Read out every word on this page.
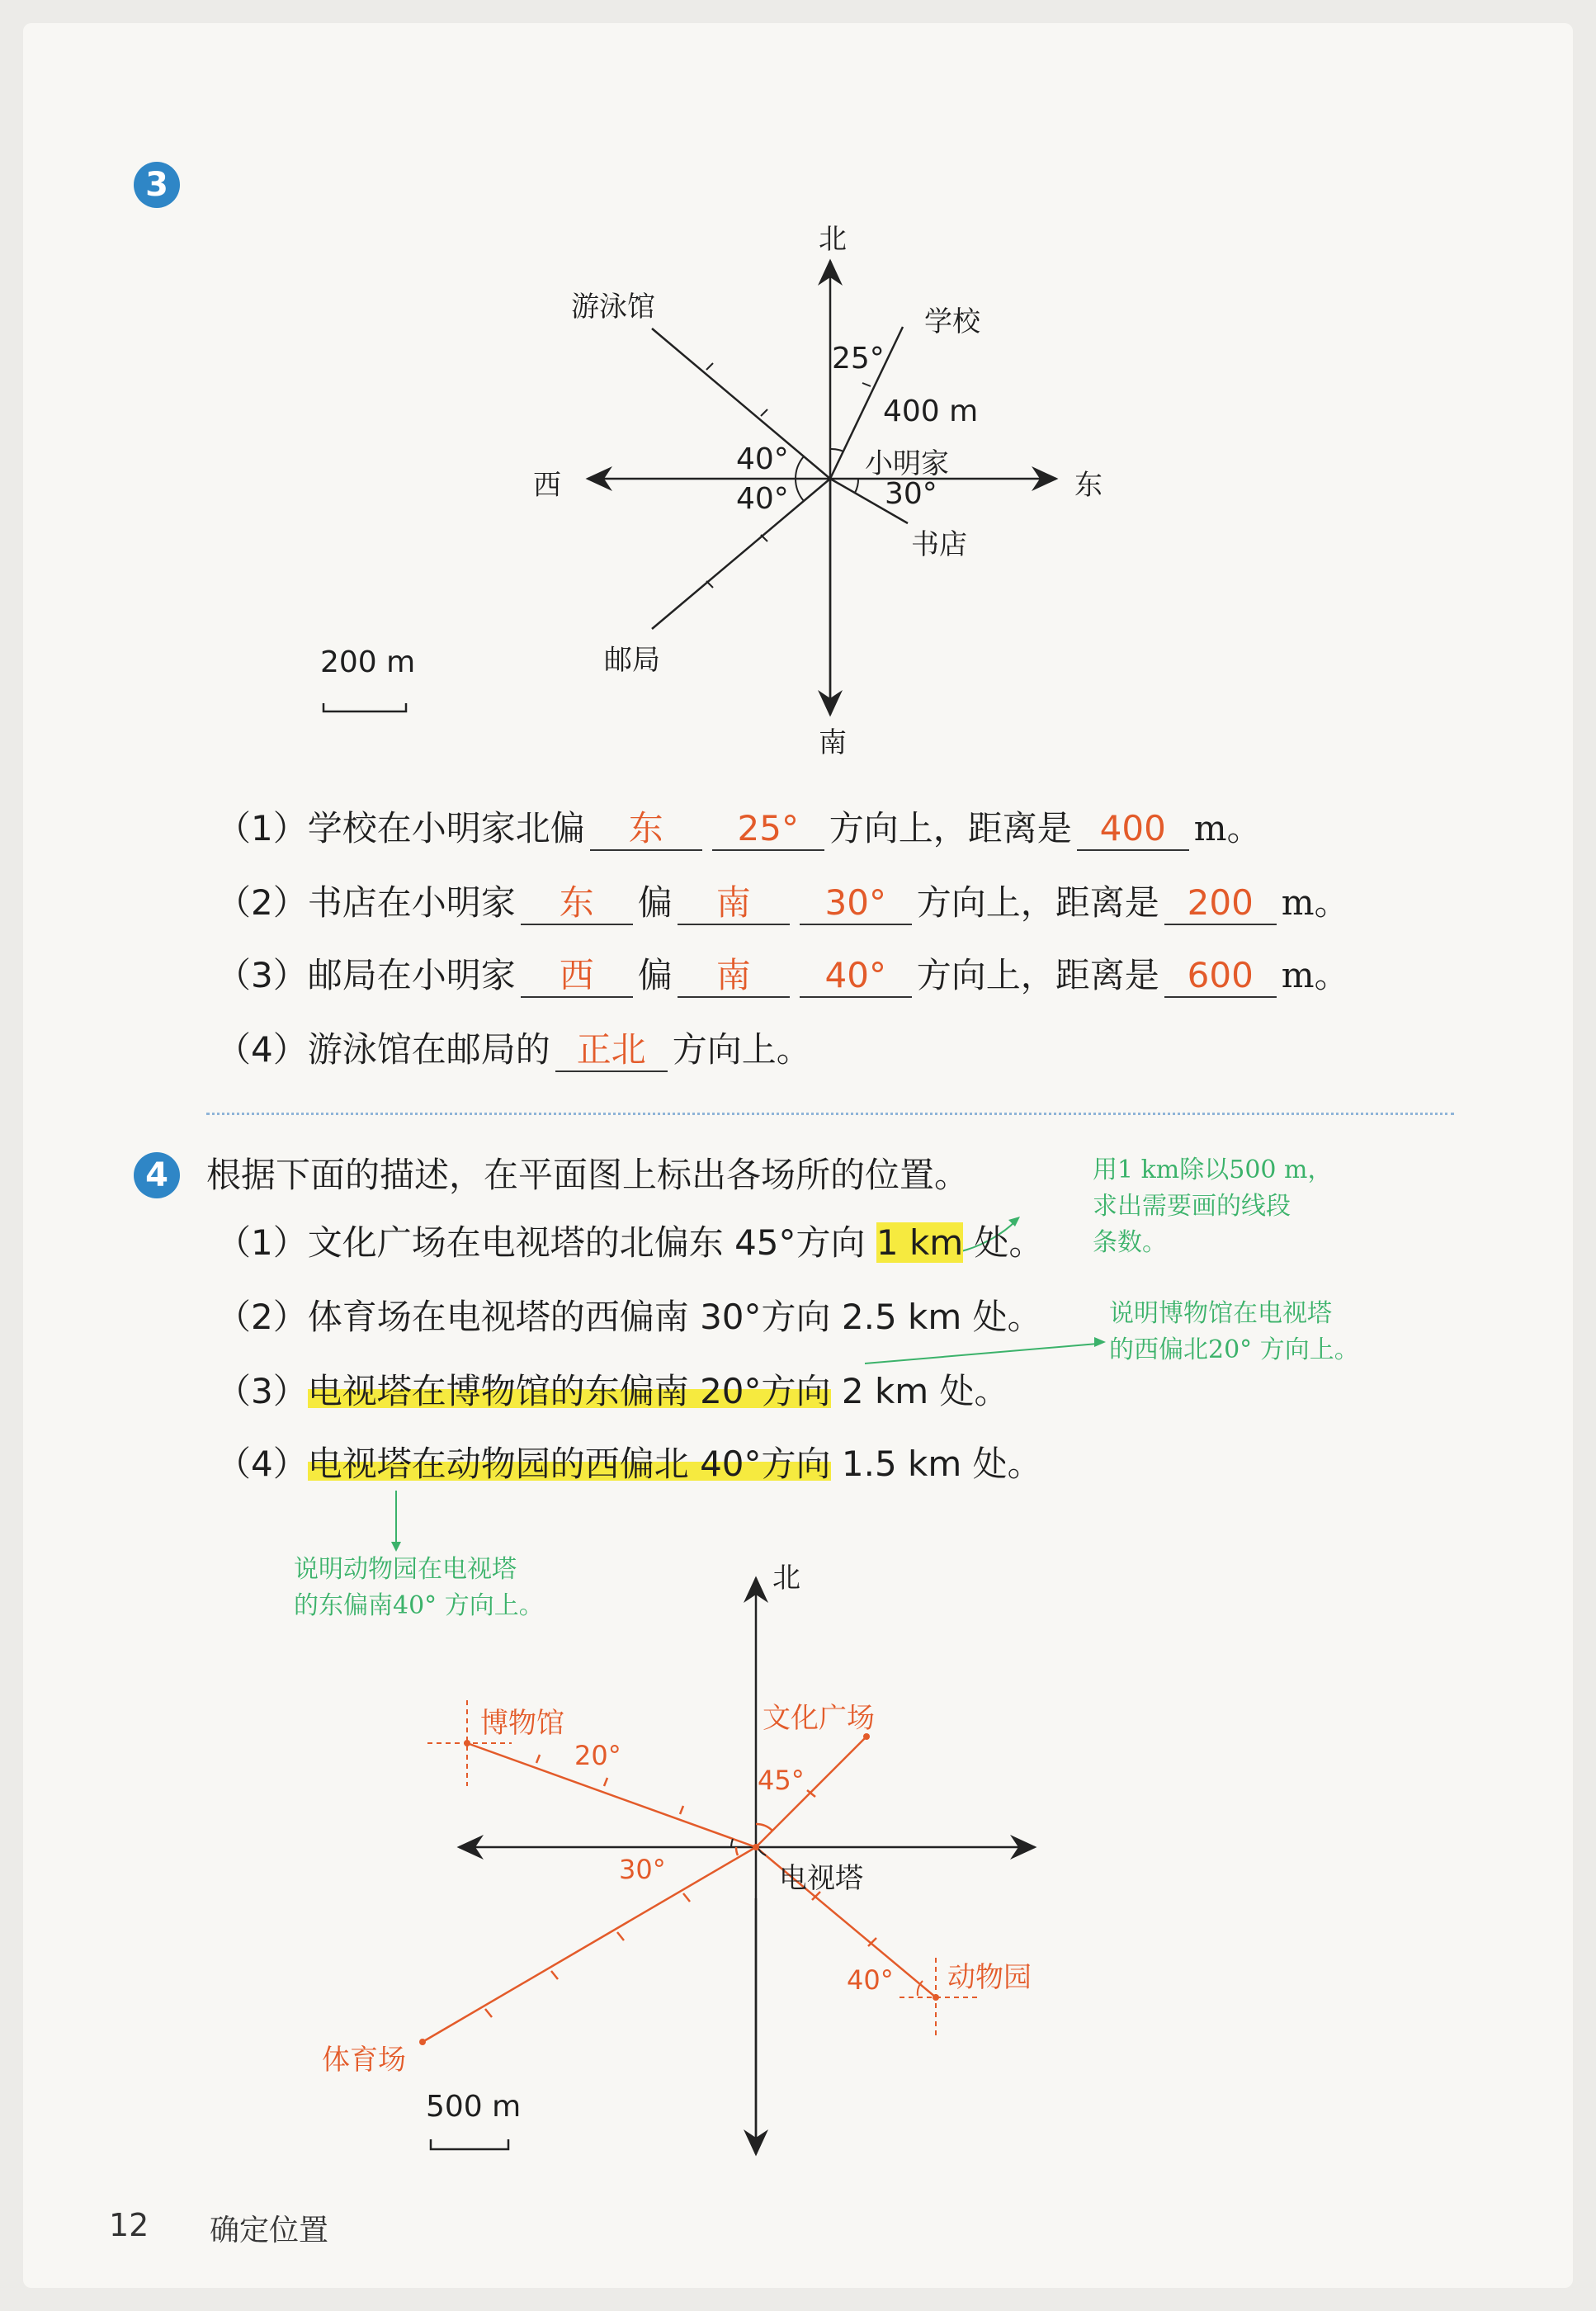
3
北
南
东
西
学校
游泳馆
小明家
书店
邮局
25°
400 m
40°
40°	30°
200 m
（1）学校在小明家北偏 东 25° 方向上，距离是 400 m。
（2）书店在小明家 东 偏 南 30° 方向上，距离是 200 m。
（3）邮局在小明家 西 偏 南 40° 方向上，距离是 600 m。
（4）游泳馆在邮局的 正北 方向上。
4	根据下面的描述，在平面图上标出各场所的位置。
（1）文化广场在电视塔的北偏东 45°方向 1 km 处。
（2）体育场在电视塔的西偏南 30°方向 2.5 km 处。
（3）电视塔在博物馆的东偏南 20°方向 2 km 处。
（4）电视塔在动物园的西偏北 40°方向 1.5 km 处。
用1 km除以500 m，
求出需要画的线段
条数。
说明博物馆在电视塔
的西偏北20° 方向上。
说明动物园在电视塔
的东偏南40° 方向上。
北
博物馆	文化广场
电视塔
体育场
动物园
20°
45°
30°
40°
500 m
12 确定位置
